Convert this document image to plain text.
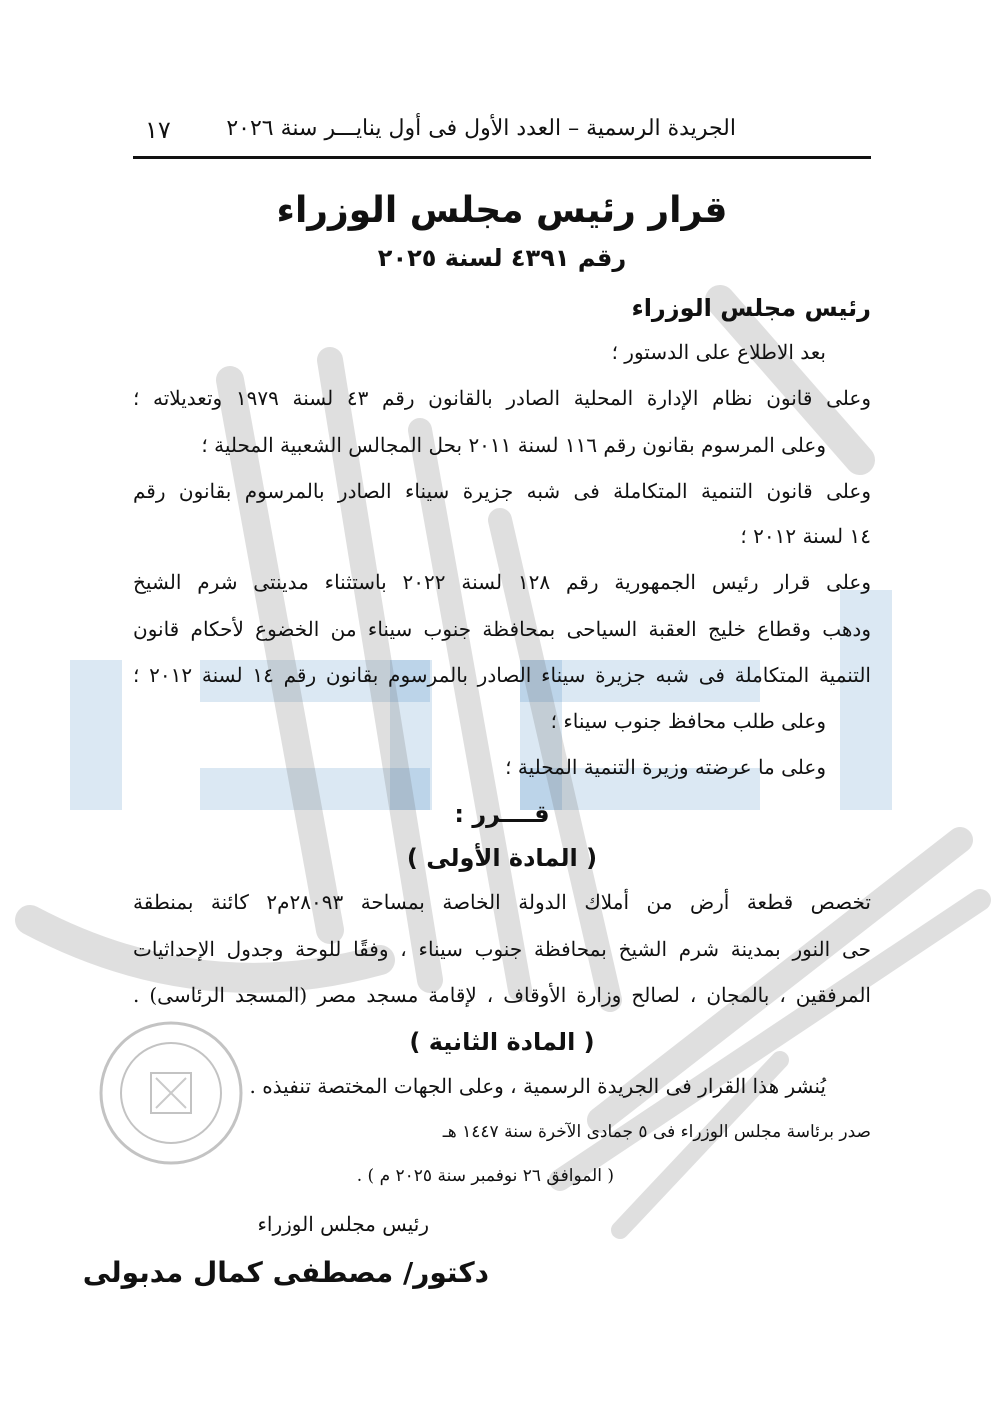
الجريدة الرسمية – العدد الأول فى أول ينايـــر سنة ٢٠٢٦
١٧
قرار رئيس مجلس الوزراء
رقم ٤٣٩١ لسنة ٢٠٢٥
رئيس مجلس الوزراء
بعد الاطلاع على الدستور ؛
وعلى قانون نظام الإدارة المحلية الصادر بالقانون رقم ٤٣ لسنة ١٩٧٩ وتعديلاته ؛
وعلى المرسوم بقانون رقم ١١٦ لسنة ٢٠١١ بحل المجالس الشعبية المحلية ؛
وعلى قانون التنمية المتكاملة فى شبه جزيرة سيناء الصادر بالمرسوم بقانون رقم
١٤ لسنة ٢٠١٢ ؛
وعلى قرار رئيس الجمهورية رقم ١٢٨ لسنة ٢٠٢٢ باستثناء مدينتى شرم الشيخ
ودهب وقطاع خليج العقبة السياحى بمحافظة جنوب سيناء من الخضوع لأحكام قانون
التنمية المتكاملة فى شبه جزيرة سيناء الصادر بالمرسوم بقانون رقم ١٤ لسنة ٢٠١٢ ؛
وعلى طلب محافظ جنوب سيناء ؛
وعلى ما عرضته وزيرة التنمية المحلية ؛
قــــرر :
( المادة الأولى )
تخصص قطعة أرض من أملاك الدولة الخاصة بمساحة ٢٨٠٩٣م٢ كائنة بمنطقة
حى النور بمدينة شرم الشيخ بمحافظة جنوب سيناء ، وفقًا للوحة وجدول الإحداثيات
المرفقين ، بالمجان ، لصالح وزارة الأوقاف ، لإقامة مسجد مصر (المسجد الرئاسى) .
( المادة الثانية )
يُنشر هذا القرار فى الجريدة الرسمية ، وعلى الجهات المختصة تنفيذه .
صدر برئاسة مجلس الوزراء فى ٥ جمادى الآخرة سنة ١٤٤٧ هـ
( الموافق ٢٦ نوفمبر سنة ٢٠٢٥ م ) .
رئيس مجلس الوزراء
دكتور/ مصطفى كمال مدبولى
